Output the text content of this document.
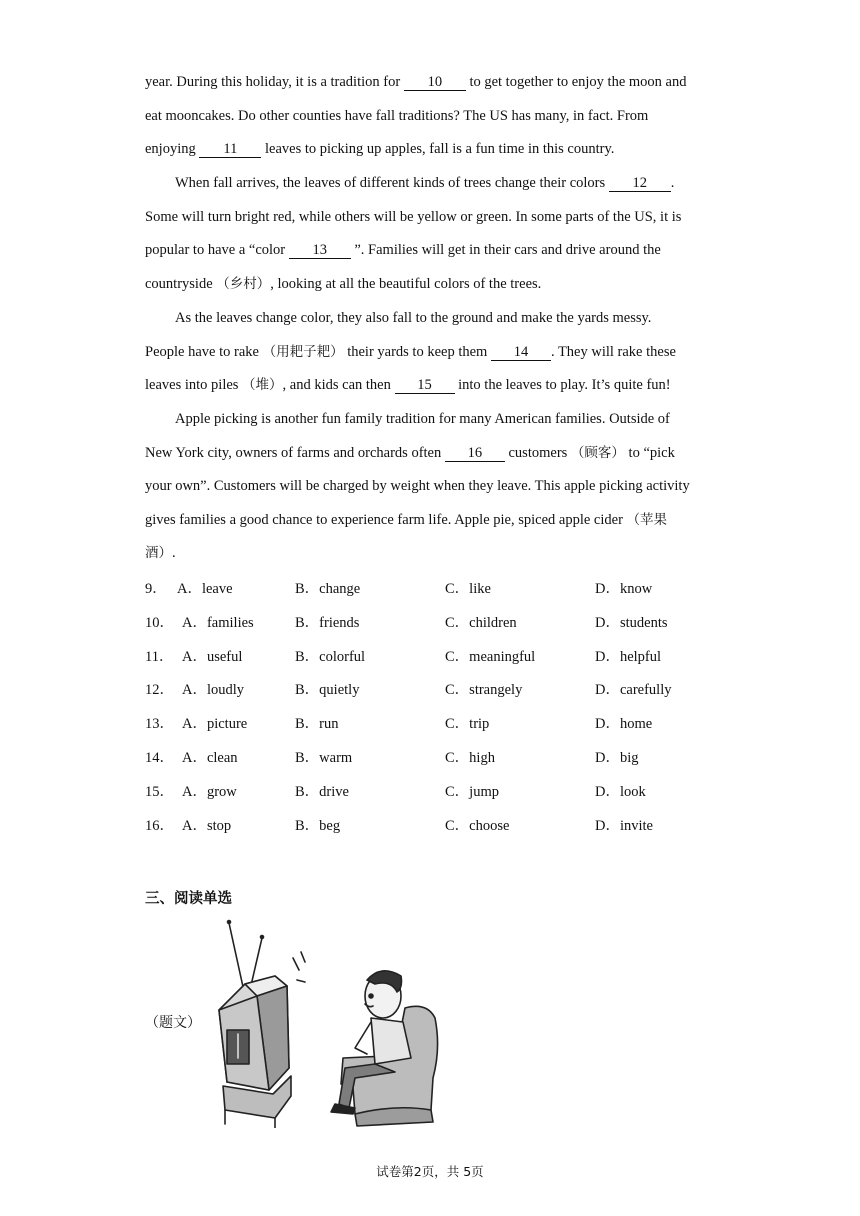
year. During this holiday, it is a tradition for 10 to get together to enjoy the moon and
eat mooncakes. Do other counties have fall traditions? The US has many, in fact. From
enjoying 11 leaves to picking up apples, fall is a fun time in this country.

When fall arrives, the leaves of different kinds of trees change their colors 12 .
Some will turn bright red, while others will be yellow or green. In some parts of the US, it is
popular to have a “color 13 ”. Families will get in their cars and drive around the
countryside （乡村）, looking at all the beautiful colors of the trees.

As the leaves change color, they also fall to the ground and make the yards messy.
People have to rake （用耙子耙） their yards to keep them 14 . They will rake these
leaves into piles （堆）, and kids can then 15 into the leaves to play. It’s quite fun!

Apple picking is another fun family tradition for many American families. Outside of
New York city, owners of farms and orchards often 16 customers （顾客） to “pick
your own”. Customers will be charged by weight when they leave. This apple picking activity
gives families a good chance to experience farm life. Apple pie, spiced apple cider （苹果
酒）.

9． A．leave	B．change	C．like	D．know
10． A．families	B．friends	C．children	D．students
11． A．useful	B．colorful	C．meaningful	D．helpful
12． A．loudly	B．quietly	C．strangely	D．carefully
13． A．picture	B．run	C．trip	D．home
14． A．clean	B．warm	C．high	D．big
15． A．grow	B．drive	C．jump	D．look
16． A．stop	B．beg	C．choose	D．invite
三、阅读单选
（题文）
试卷第2页，共 5页
